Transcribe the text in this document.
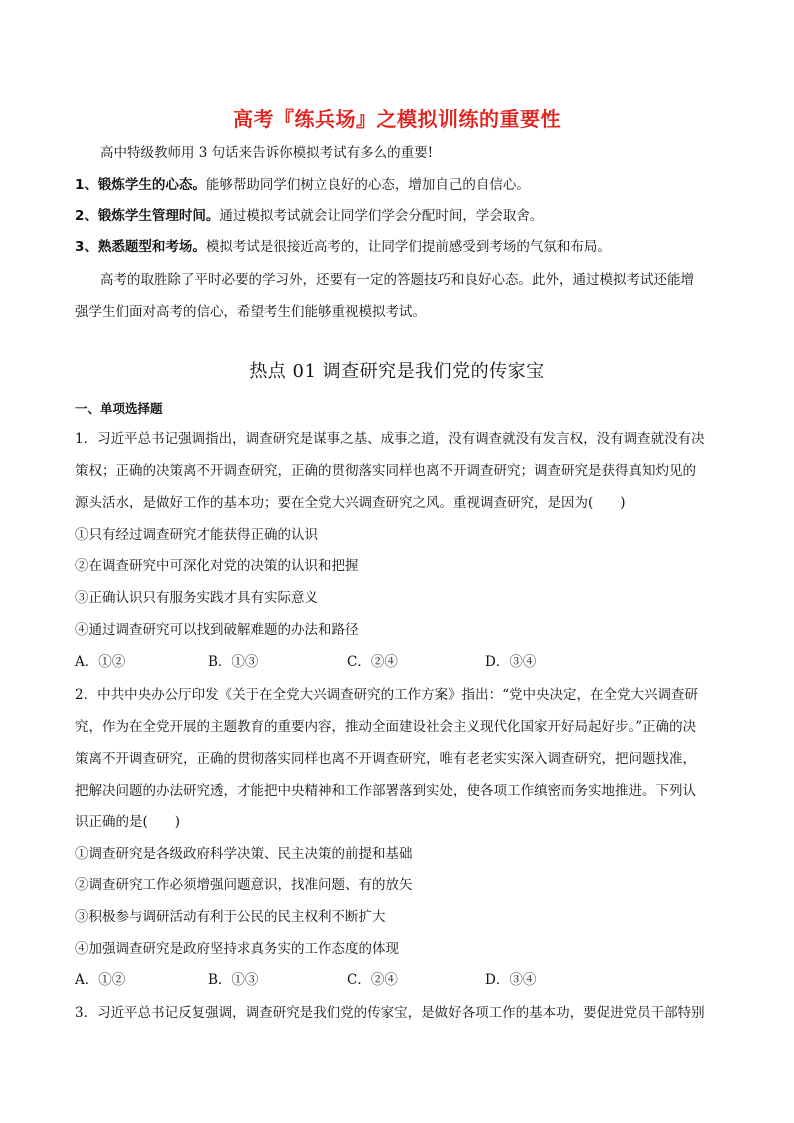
高考『练兵场』之模拟训练的重要性
高中特级教师用 3 句话来告诉你模拟考试有多么的重要!
1、锻炼学生的心态。能够帮助同学们树立良好的心态，增加自己的自信心。
2、锻炼学生管理时间。通过模拟考试就会让同学们学会分配时间，学会取舍。
3、熟悉题型和考场。模拟考试是很接近高考的，让同学们提前感受到考场的气氛和布局。
高考的取胜除了平时必要的学习外，还要有一定的答题技巧和良好心态。此外，通过模拟考试还能增
强学生们面对高考的信心，希望考生们能够重视模拟考试。
热点 01 调查研究是我们党的传家宝
一、单项选择题
1．习近平总书记强调指出，调查研究是谋事之基、成事之道，没有调查就没有发言权，没有调查就没有决
策权；正确的决策离不开调查研究，正确的贯彻落实同样也离不开调查研究；调查研究是获得真知灼见的
源头活水，是做好工作的基本功；要在全党大兴调查研究之风。重视调查研究，是因为(　　)
①只有经过调查研究才能获得正确的认识
②在调查研究中可深化对党的决策的认识和把握
③正确认识只有服务实践才具有实际意义
④通过调查研究可以找到破解难题的办法和路径
A．①②	B．①③	C．②④	D．③④
2．中共中央办公厅印发《关于在全党大兴调查研究的工作方案》指出：“党中央决定，在全党大兴调查研
究，作为在全党开展的主题教育的重要内容，推动全面建设社会主义现代化国家开好局起好步。”正确的决
策离不开调查研究，正确的贯彻落实同样也离不开调查研究，唯有老老实实深入调查研究，把问题找准，
把解决问题的办法研究透，才能把中央精神和工作部署落到实处，使各项工作缜密而务实地推进。下列认
识正确的是(　　)
①调查研究是各级政府科学决策、民主决策的前提和基础
②调查研究工作必须增强问题意识，找准问题、有的放矢
③积极参与调研活动有利于公民的民主权利不断扩大
④加强调查研究是政府坚持求真务实的工作态度的体现
A．①②	B．①③	C．②④	D．③④
3．习近平总书记反复强调，调查研究是我们党的传家宝，是做好各项工作的基本功，要促进党员干部特别
